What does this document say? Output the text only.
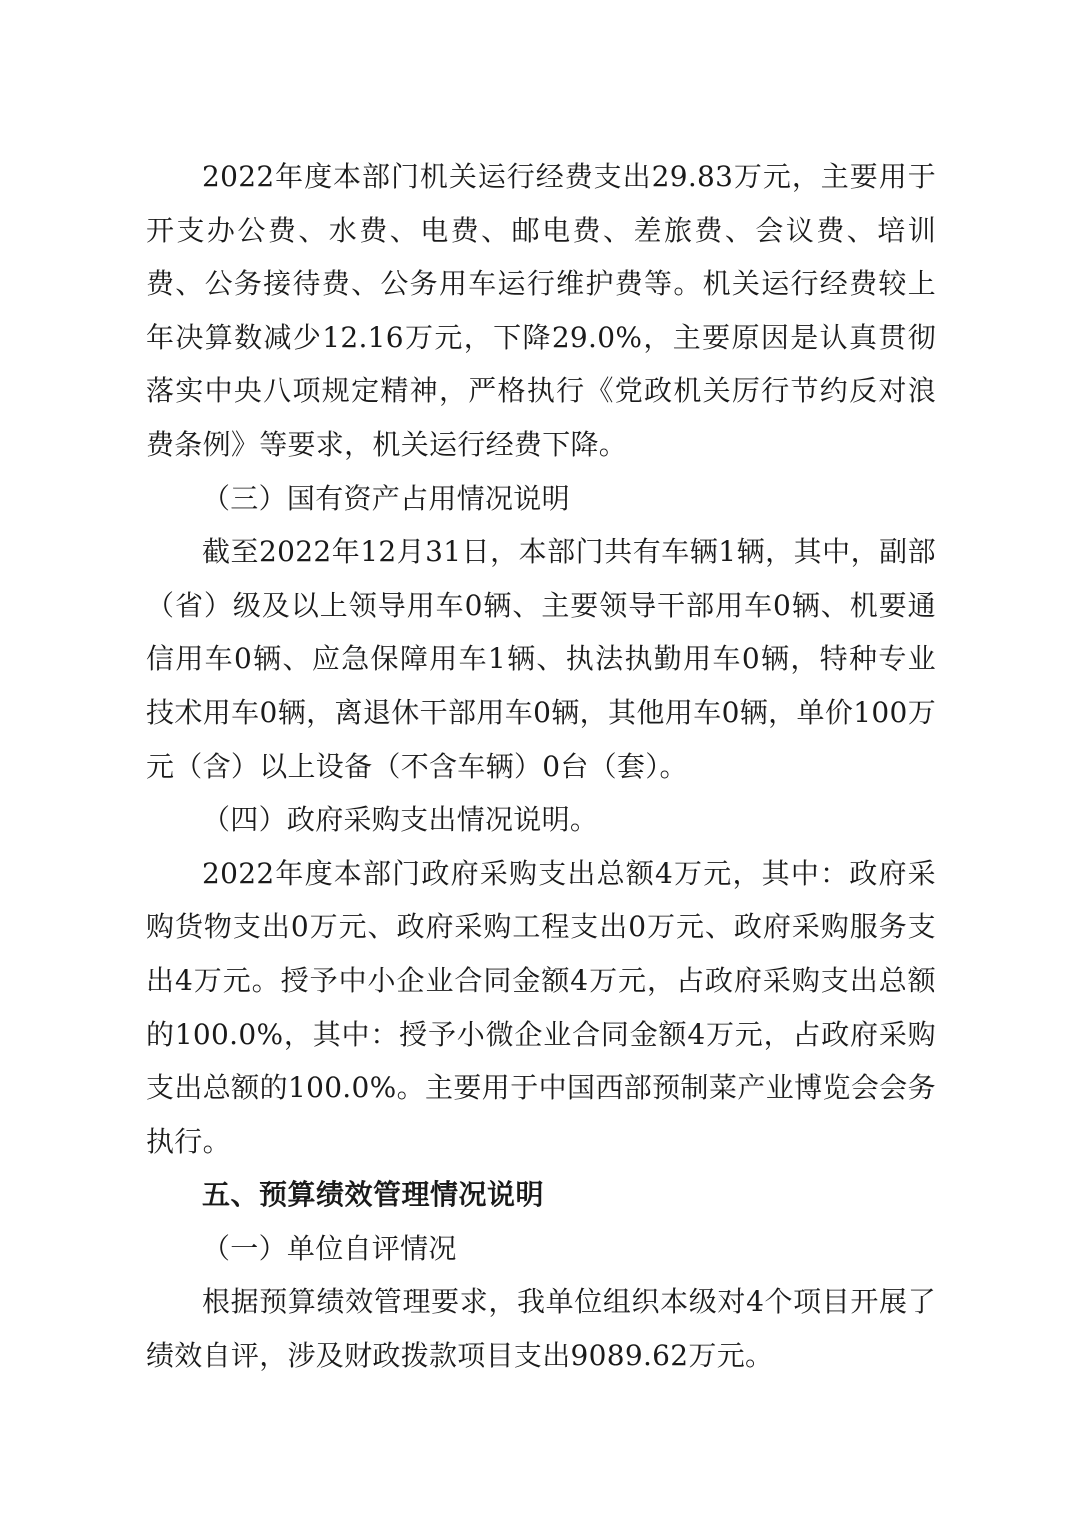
2022年度本部门机关运行经费支出29.83万元，主要用于开支办公费、水费、电费、邮电费、差旅费、会议费、培训费、公务接待费、公务用车运行维护费等。机关运行经费较上年决算数减少12.16万元，下降29.0%，主要原因是认真贯彻落实中央八项规定精神，严格执行《党政机关厉行节约反对浪费条例》等要求，机关运行经费下降。

（三）国有资产占用情况说明

截至2022年12月31日，本部门共有车辆1辆，其中，副部（省）级及以上领导用车0辆、主要领导干部用车0辆、机要通信用车0辆、应急保障用车1辆、执法执勤用车0辆，特种专业技术用车0辆，离退休干部用车0辆，其他用车0辆，单价100万元（含）以上设备（不含车辆）0台（套）。

（四）政府采购支出情况说明。

2022年度本部门政府采购支出总额4万元，其中：政府采购货物支出0万元、政府采购工程支出0万元、政府采购服务支出4万元。授予中小企业合同金额4万元，占政府采购支出总额的100.0%，其中：授予小微企业合同金额4万元，占政府采购支出总额的100.0%。主要用于中国西部预制菜产业博览会会务执行。

五、预算绩效管理情况说明

（一）单位自评情况

根据预算绩效管理要求，我单位组织本级对4个项目开展了绩效自评，涉及财政拨款项目支出9089.62万元。
